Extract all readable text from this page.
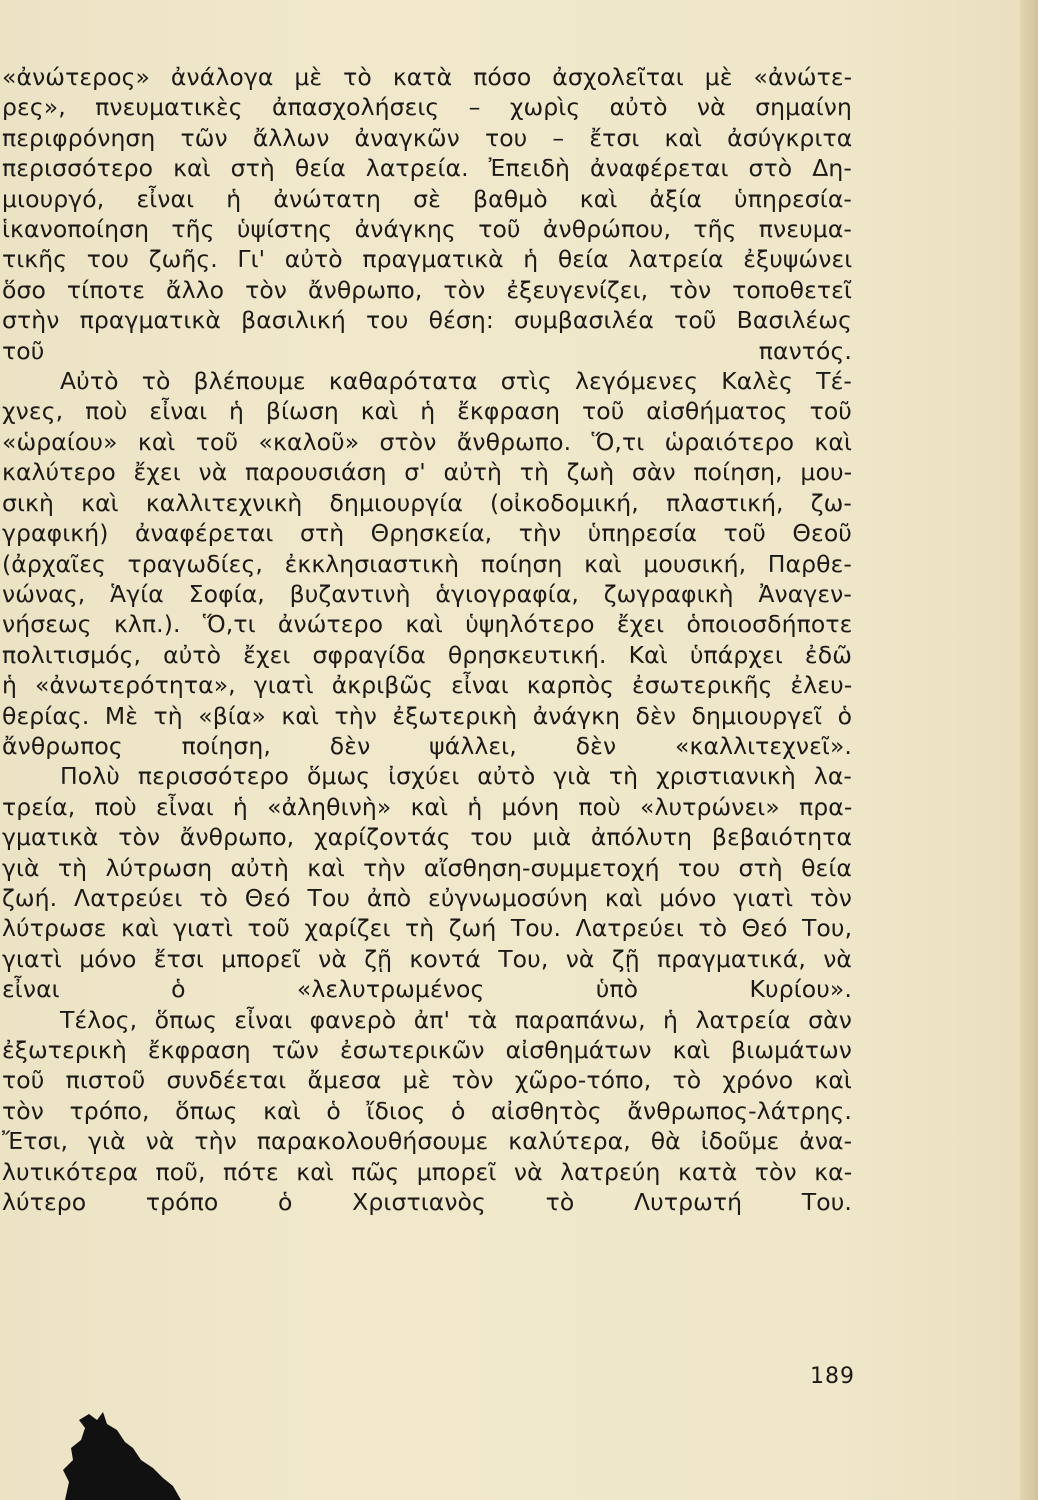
«ἀνώτερος» ἀνάλογα μὲ τὸ κατὰ πόσο ἀσχολεῖται μὲ «ἀνώτε-
ρες», πνευματικὲς ἀπασχολήσεις – χωρὶς αὐτὸ νὰ σημαίνη
περιφρόνηση τῶν ἄλλων ἀναγκῶν του – ἔτσι καὶ ἀσύγκριτα
περισσότερο καὶ στὴ θεία λατρεία. Ἐπειδὴ ἀναφέρεται στὸ Δη-
μιουργό, εἶναι ἡ ἀνώτατη σὲ βαθμὸ καὶ ἀξία ὑπηρεσία-
ἱκανοποίηση τῆς ὑψίστης ἀνάγκης τοῦ ἀνθρώπου, τῆς πνευμα-
τικῆς του ζωῆς. Γι' αὐτὸ πραγματικὰ ἡ θεία λατρεία ἐξυψώνει
ὅσο τίποτε ἄλλο τὸν ἄνθρωπο, τὸν ἐξευγενίζει, τὸν τοποθετεῖ
στὴν πραγματικὰ βασιλική του θέση: συμβασιλέα τοῦ Βασιλέως
τοῦ παντός.
Αὐτὸ τὸ βλέπουμε καθαρότατα στὶς λεγόμενες Καλὲς Τέ-
χνες, ποὺ εἶναι ἡ βίωση καὶ ἡ ἔκφραση τοῦ αἰσθήματος τοῦ
«ὡραίου» καὶ τοῦ «καλοῦ» στὸν ἄνθρωπο. Ὅ,τι ὡραιότερο καὶ
καλύτερο ἔχει νὰ παρουσιάση σ' αὐτὴ τὴ ζωὴ σὰν ποίηση, μου-
σικὴ καὶ καλλιτεχνικὴ δημιουργία (οἰκοδομική, πλαστική, ζω-
γραφική) ἀναφέρεται στὴ Θρησκεία, τὴν ὑπηρεσία τοῦ Θεοῦ
(ἀρχαῖες τραγωδίες, ἐκκλησιαστικὴ ποίηση καὶ μουσική, Παρθε-
νώνας, Ἁγία Σοφία, βυζαντινὴ ἁγιογραφία, ζωγραφικὴ Ἀναγεν-
νήσεως κλπ.). Ὅ,τι ἀνώτερο καὶ ὑψηλότερο ἔχει ὁποιοσδήποτε
πολιτισμός, αὐτὸ ἔχει σφραγίδα θρησκευτική. Καὶ ὑπάρχει ἐδῶ
ἡ «ἀνωτερότητα», γιατὶ ἀκριβῶς εἶναι καρπὸς ἐσωτερικῆς ἐλευ-
θερίας. Μὲ τὴ «βία» καὶ τὴν ἐξωτερικὴ ἀνάγκη δὲν δημιουργεῖ ὁ
ἄνθρωπος ποίηση, δὲν ψάλλει, δὲν «καλλιτεχνεῖ».
Πολὺ περισσότερο ὅμως ἰσχύει αὐτὸ γιὰ τὴ χριστιανικὴ λα-
τρεία, ποὺ εἶναι ἡ «ἀληθινὴ» καὶ ἡ μόνη ποὺ «λυτρώνει» πρα-
γματικὰ τὸν ἄνθρωπο, χαρίζοντάς του μιὰ ἀπόλυτη βεβαιότητα
γιὰ τὴ λύτρωση αὐτὴ καὶ τὴν αἴσθηση-συμμετοχή του στὴ θεία
ζωή. Λατρεύει τὸ Θεό Του ἀπὸ εὐγνωμοσύνη καὶ μόνο γιατὶ τὸν
λύτρωσε καὶ γιατὶ τοῦ χαρίζει τὴ ζωή Του. Λατρεύει τὸ Θεό Του,
γιατὶ μόνο ἔτσι μπορεῖ νὰ ζῇ κοντά Του, νὰ ζῇ πραγματικά, νὰ
εἶναι ὁ «λελυτρωμένος ὑπὸ Κυρίου».
Τέλος, ὅπως εἶναι φανερὸ ἀπ' τὰ παραπάνω, ἡ λατρεία σὰν
ἐξωτερικὴ ἔκφραση τῶν ἐσωτερικῶν αἰσθημάτων καὶ βιωμάτων
τοῦ πιστοῦ συνδέεται ἄμεσα μὲ τὸν χῶρο-τόπο, τὸ χρόνο καὶ
τὸν τρόπο, ὅπως καὶ ὁ ἴδιος ὁ αἰσθητὸς ἄνθρωπος-λάτρης.
Ἔτσι, γιὰ νὰ τὴν παρακολουθήσουμε καλύτερα, θὰ ἰδοῦμε ἀνα-
λυτικότερα ποῦ, πότε καὶ πῶς μπορεῖ νὰ λατρεύη κατὰ τὸν κα-
λύτερο τρόπο ὁ Χριστιανὸς τὸ Λυτρωτή Του.
189
